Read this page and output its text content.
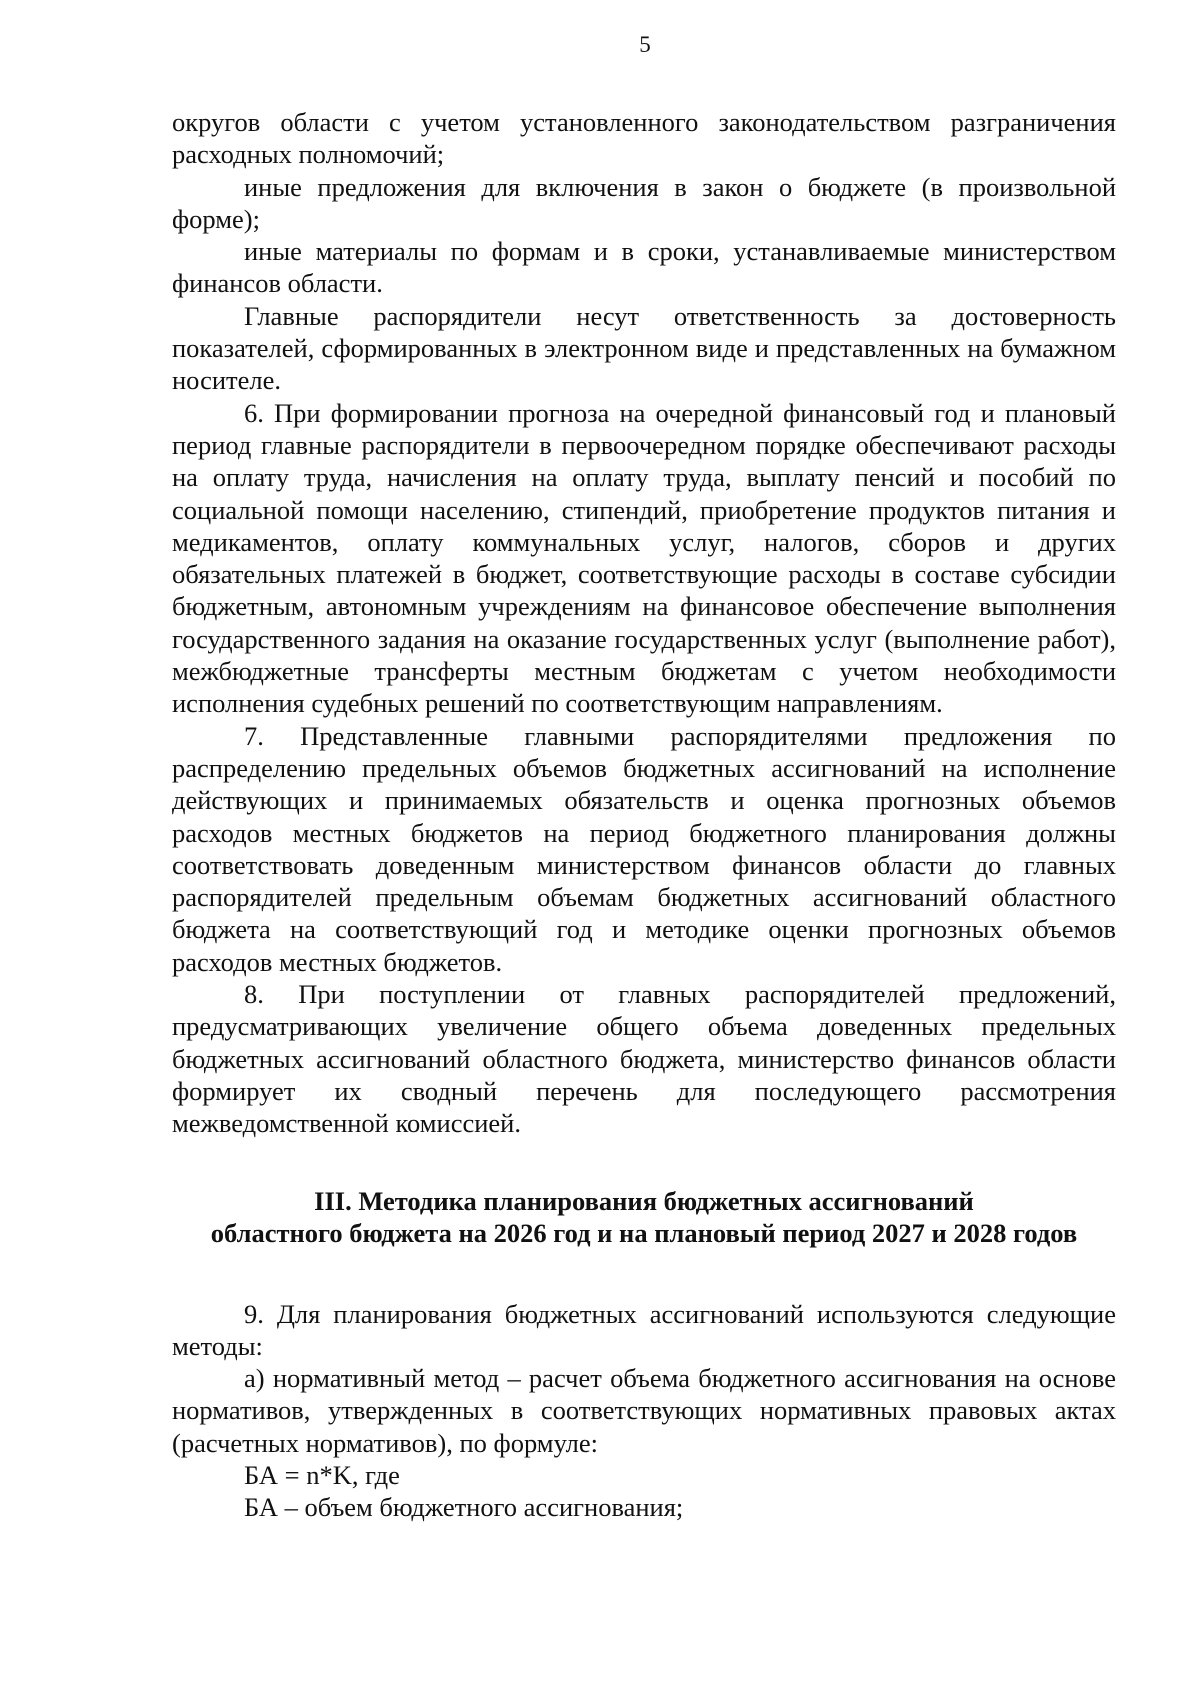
5

округов области с учетом установленного законодательством разграничения расходных полномочий;

иные предложения для включения в закон о бюджете (в произвольной форме);

иные материалы по формам и в сроки, устанавливаемые министерством финансов области.

Главные распорядители несут ответственность за достоверность показателей, сформированных в электронном виде и представленных на бумажном носителе.

6. При формировании прогноза на очередной финансовый год и плановый период главные распорядители в первоочередном порядке обеспечивают расходы на оплату труда, начисления на оплату труда, выплату пенсий и пособий по социальной помощи населению, стипендий, приобретение продуктов питания и медикаментов, оплату коммунальных услуг, налогов, сборов и других обязательных платежей в бюджет, соответствующие расходы в составе субсидии бюджетным, автономным учреждениям на финансовое обеспечение выполнения государственного задания на оказание государственных услуг (выполнение работ), межбюджетные трансферты местным бюджетам с учетом необходимости исполнения судебных решений по соответствующим направлениям.

7. Представленные главными распорядителями предложения по распределению предельных объемов бюджетных ассигнований на исполнение действующих и принимаемых обязательств и оценка прогнозных объемов расходов местных бюджетов на период бюджетного планирования должны соответствовать доведенным министерством финансов области до главных распорядителей предельным объемам бюджетных ассигнований областного бюджета на соответствующий год и методике оценки прогнозных объемов расходов местных бюджетов.

8. При поступлении от главных распорядителей предложений, предусматривающих увеличение общего объема доведенных предельных бюджетных ассигнований областного бюджета, министерство финансов области формирует их сводный перечень для последующего рассмотрения межведомственной комиссией.

III. Методика планирования бюджетных ассигнований
областного бюджета на 2026 год и на плановый период 2027 и 2028 годов

9. Для планирования бюджетных ассигнований используются следующие методы:

а) нормативный метод – расчет объема бюджетного ассигнования на основе нормативов, утвержденных в соответствующих нормативных правовых актах (расчетных нормативов), по формуле:

БА = n*K, где

БА – объем бюджетного ассигнования;
